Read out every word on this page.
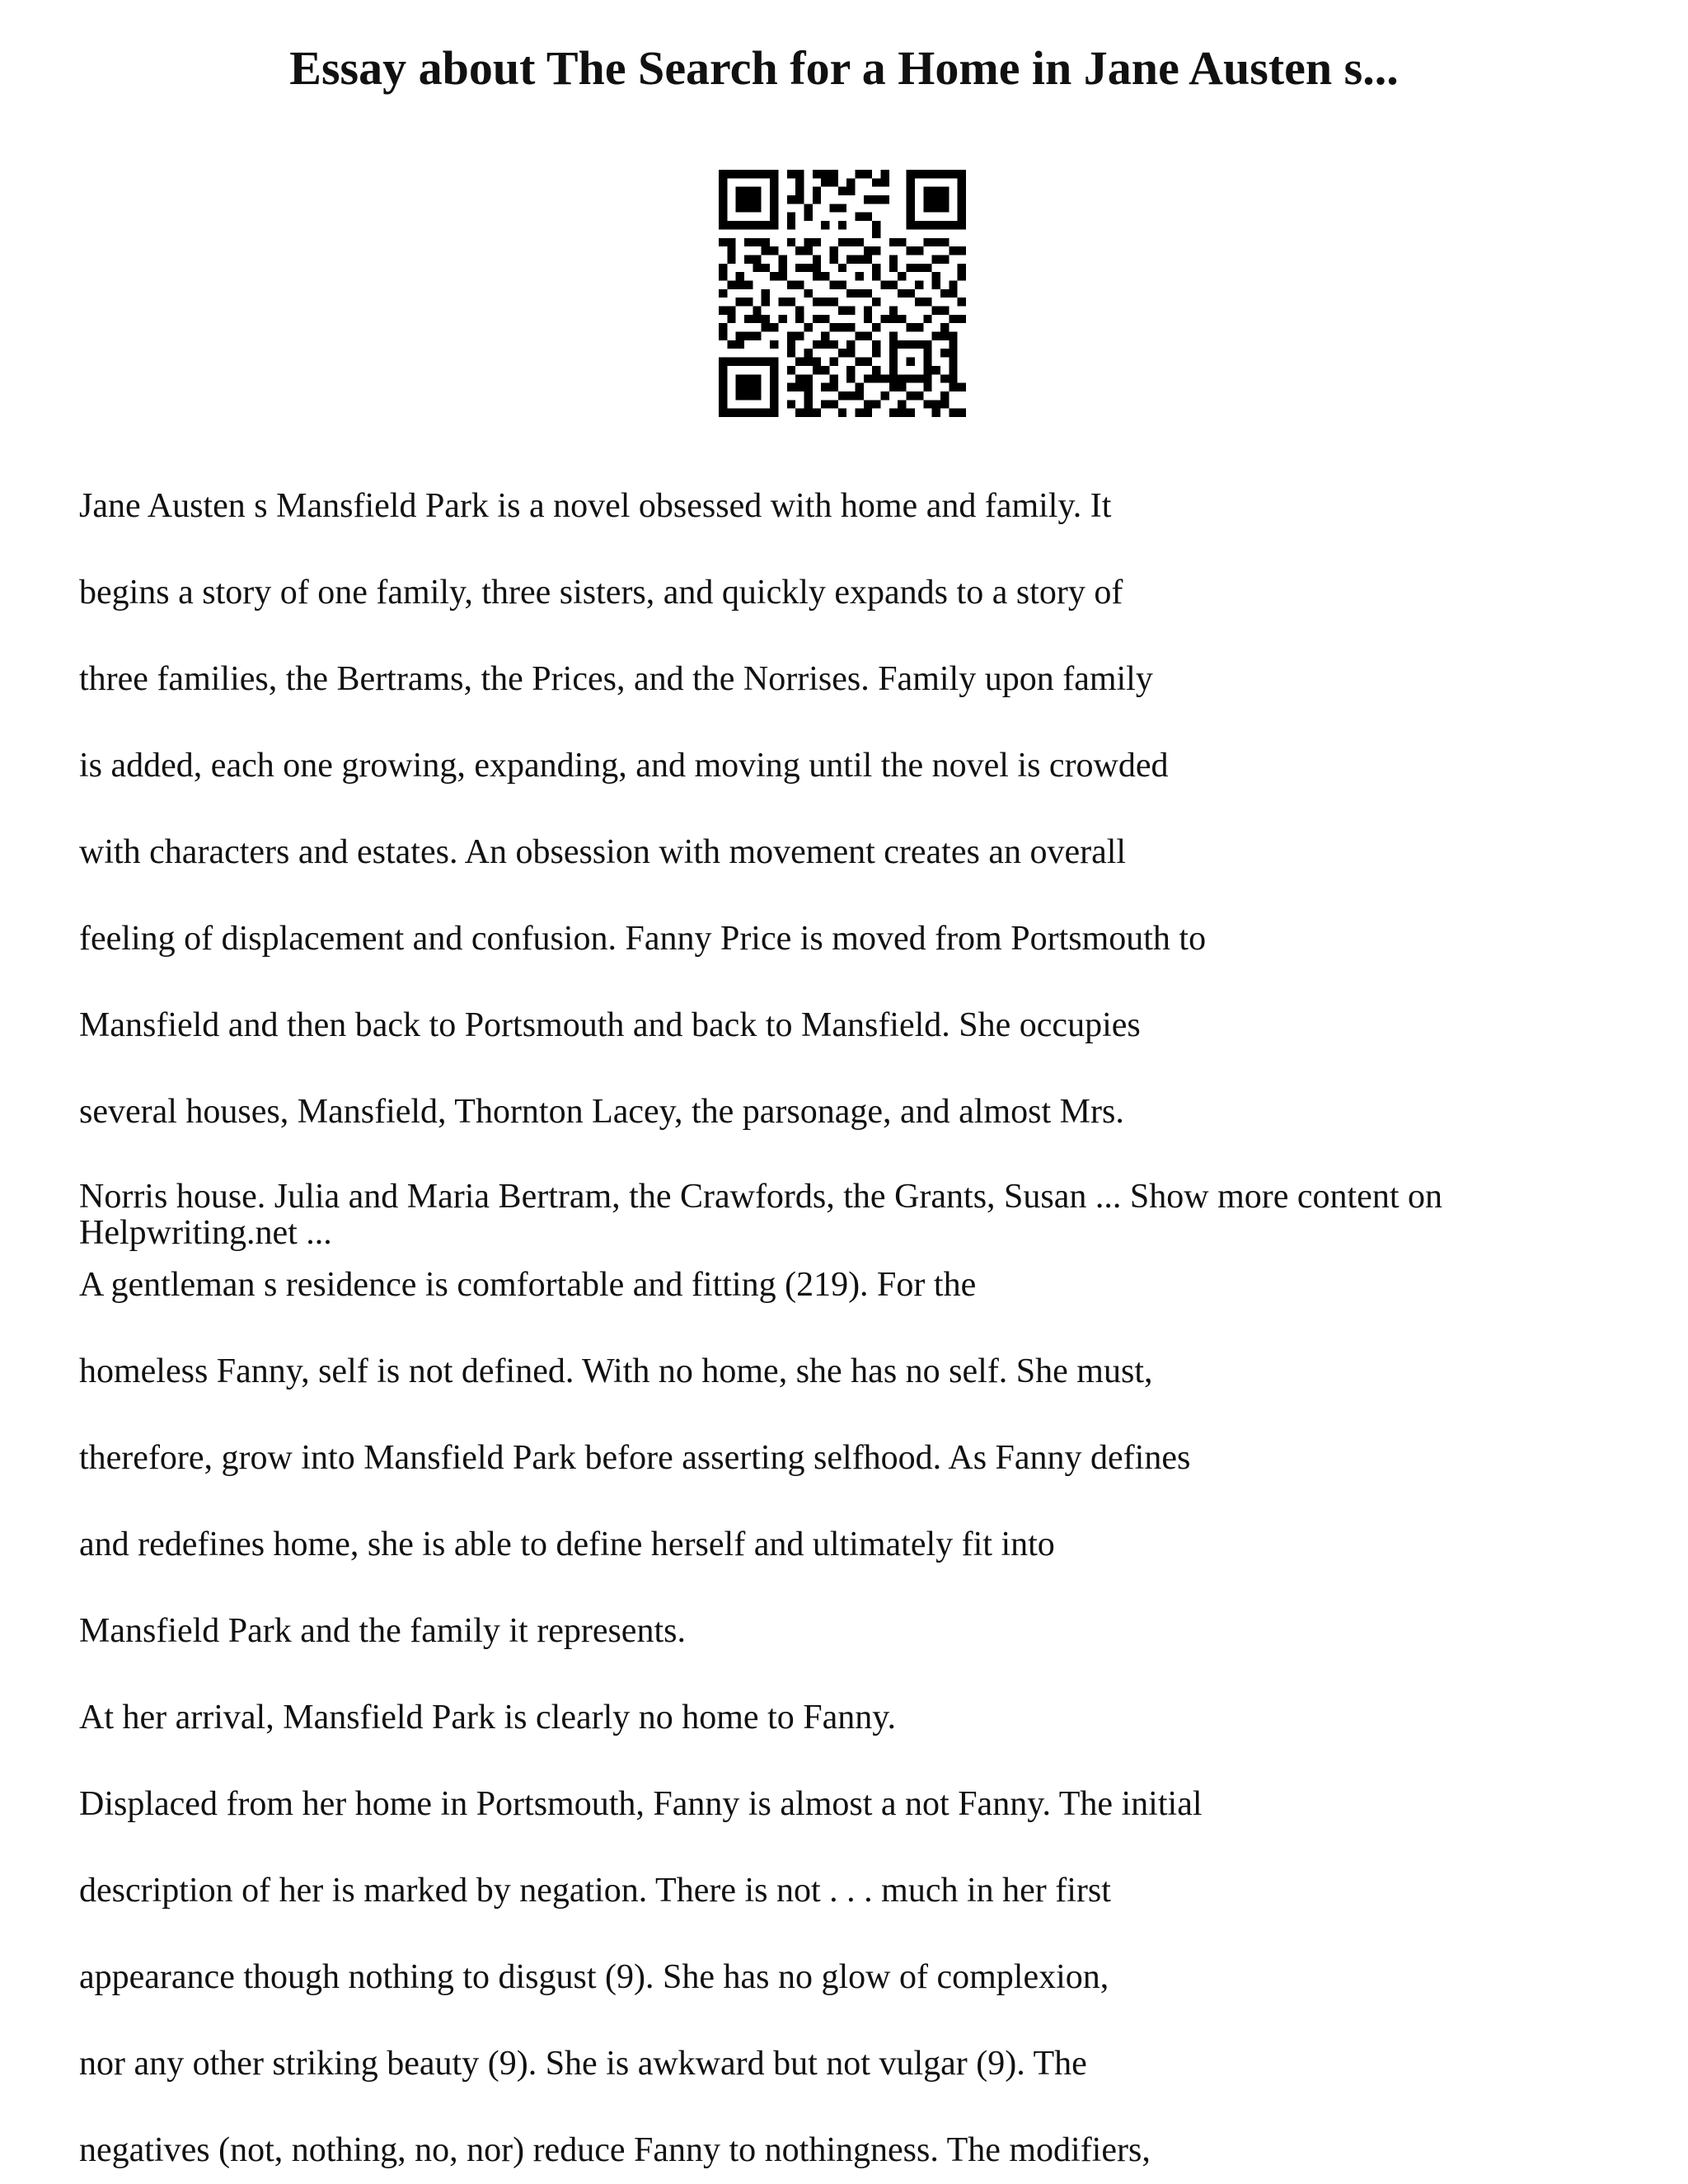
Essay about The Search for a Home in Jane Austen s...
Jane Austen s Mansfield Park is a novel obsessed with home and family. It
begins a story of one family, three sisters, and quickly expands to a story of
three families, the Bertrams, the Prices, and the Norrises. Family upon family
is added, each one growing, expanding, and moving until the novel is crowded
with characters and estates. An obsession with movement creates an overall
feeling of displacement and confusion. Fanny Price is moved from Portsmouth to
Mansfield and then back to Portsmouth and back to Mansfield. She occupies
several houses, Mansfield, Thornton Lacey, the parsonage, and almost Mrs.
Norris house. Julia and Maria Bertram, the Crawfords, the Grants, Susan ... Show more content on Helpwriting.net ...
A gentleman s residence is comfortable and fitting (219). For the
homeless Fanny, self is not defined. With no home, she has no self. She must,
therefore, grow into Mansfield Park before asserting selfhood. As Fanny defines
and redefines home, she is able to define herself and ultimately fit into
Mansfield Park and the family it represents.
At her arrival, Mansfield Park is clearly no home to Fanny.
Displaced from her home in Portsmouth, Fanny is almost a not Fanny. The initial
description of her is marked by negation. There is not . . . much in her first
appearance though nothing to disgust (9). She has no glow of complexion,
nor any other striking beauty (9). She is awkward but not vulgar (9). The
negatives (not, nothing, no, nor) reduce Fanny to nothingness. The modifiers,
